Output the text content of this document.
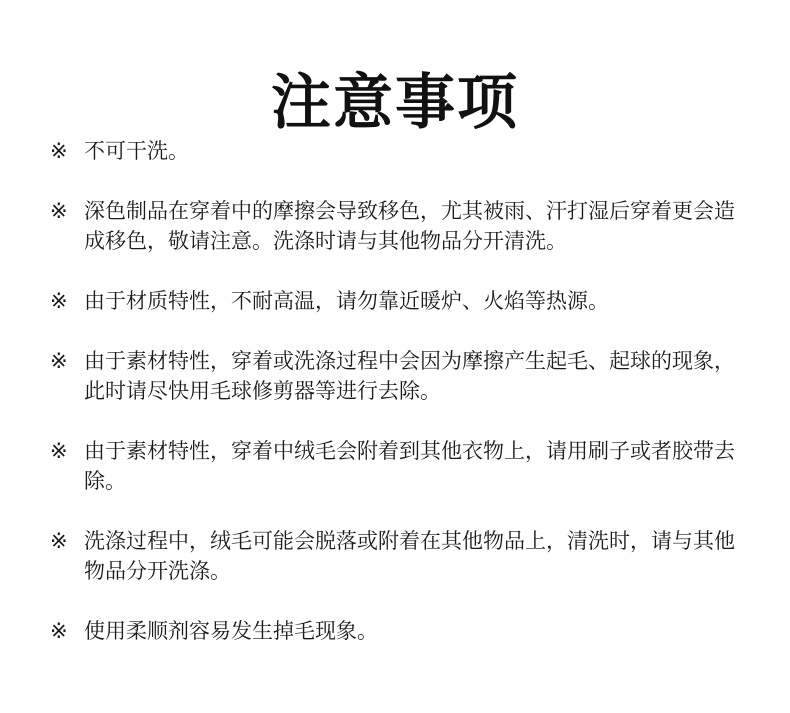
注意事项
※ 不可干洗。
※ 深色制品在穿着中的摩擦会导致移色，尤其被雨、汗打湿后穿着更会造成移色，敬请注意。洗涤时请与其他物品分开清洗。
※ 由于材质特性，不耐高温，请勿靠近暖炉、火焰等热源。
※ 由于素材特性，穿着或洗涤过程中会因为摩擦产生起毛、起球的现象，此时请尽快用毛球修剪器等进行去除。
※ 由于素材特性，穿着中绒毛会附着到其他衣物上，请用刷子或者胶带去除。
※ 洗涤过程中，绒毛可能会脱落或附着在其他物品上，清洗时，请与其他物品分开洗涤。
※ 使用柔顺剂容易发生掉毛现象。
